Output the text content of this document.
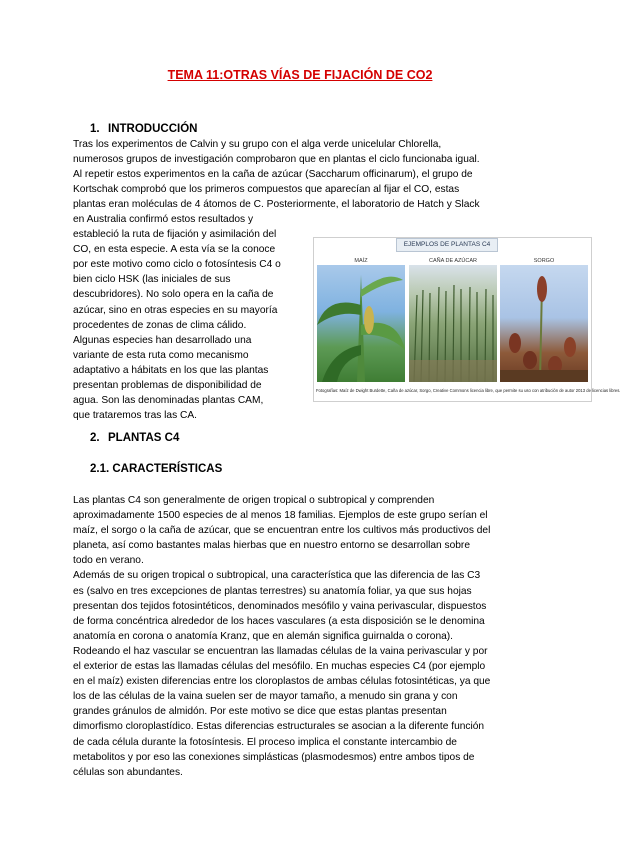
TEMA 11:OTRAS VÍAS DE FIJACIÓN DE CO2
1. INTRODUCCIÓN
Tras los experimentos de Calvin y su grupo con el alga verde unicelular Chlorella,
numerosos grupos de investigación comprobaron que en plantas el ciclo funcionaba igual.
Al repetir estos experimentos en la caña de azúcar (Saccharum officinarum), el grupo de
Kortschak comprobó que los primeros compuestos que aparecían al fijar el CO, estas
plantas eran moléculas de 4 átomos de C. Posteriormente, el laboratorio de Hatch y Slack
en Australia confirmó estos resultados y
estableció la ruta de fijación y asimilación del
CO, en esta especie. A esta vía se la conoce
por este motivo como ciclo o fotosíntesis C4 o
bien ciclo HSK (las iniciales de sus
descubridores). No solo opera en la caña de
azúcar, sino en otras especies en su mayoría
procedentes de zonas de clima cálido.
Algunas especies han desarrollado una
variante de esta ruta como mecanismo
adaptativo a hábitats en los que las plantas
presentan problemas de disponibilidad de
agua. Son las denominadas plantas CAM,
que trataremos tras las CA.
EJEMPLOS DE PLANTAS C4
MAÍZ	CAÑA DE AZÚCAR	SORGO
Fotografías: Maíz de Dwight Burdette, Caña de azúcar, Sorgo, Creative Commons licencia libre, que permite su uso con atribución de autor 2013 de licencias libres.
2. PLANTAS C4
2.1. CARACTERÍSTICAS
Las plantas C4 son generalmente de origen tropical o subtropical y comprenden
aproximadamente 1500 especies de al menos 18 familias. Ejemplos de este grupo serían el
maíz, el sorgo o la caña de azúcar, que se encuentran entre los cultivos más productivos del
planeta, así como bastantes malas hierbas que en nuestro entorno se desarrollan sobre
todo en verano.
Además de su origen tropical o subtropical, una característica que las diferencia de las C3
es (salvo en tres excepciones de plantas terrestres) su anatomía foliar, ya que sus hojas
presentan dos tejidos fotosintéticos, denominados mesófilo y vaina perivascular, dispuestos
de forma concéntrica alrededor de los haces vasculares (a esta disposición se le denomina
anatomía en corona o anatomía Kranz, que en alemán significa guirnalda o corona).
Rodeando el haz vascular se encuentran las llamadas células de la vaina perivascular y por
el exterior de estas las llamadas células del mesófilo. En muchas especies C4 (por ejemplo
en el maíz) existen diferencias entre los cloroplastos de ambas células fotosintéticas, ya que
los de las células de la vaina suelen ser de mayor tamaño, a menudo sin grana y con
grandes gránulos de almidón. Por este motivo se dice que estas plantas presentan
dimorfismo cloroplastídico. Estas diferencias estructurales se asocian a la diferente función
de cada célula durante la fotosíntesis. El proceso implica el constante intercambio de
metabolitos y por eso las conexiones simplásticas (plasmodesmos) entre ambos tipos de
células son abundantes.
